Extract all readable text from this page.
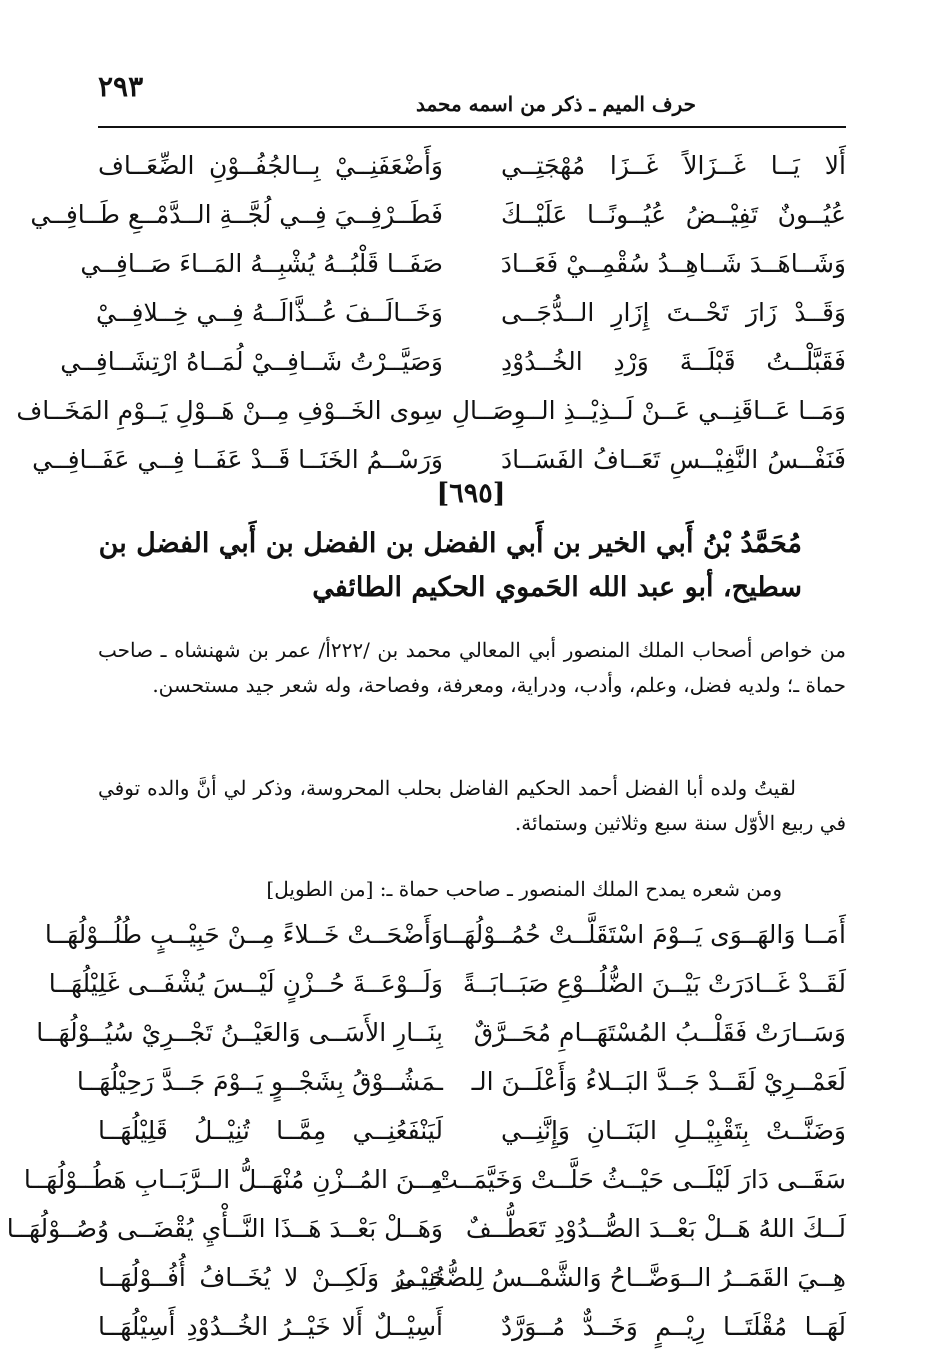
٢٩٣
حرف الميم ـ ذكر من اسمه محمد
أَلا يَــا غَــزَالاً غَــزَا مُهْجَتِــي
وَأَضْعَفَنِــيْ بِــالجُفُــوْنِ الضِّعَــاف
عُيُــونٌ تَفِيْــضُ عُيُــونًــا عَلَيْــكَ
فَطَــرْفِــيَ فِــي لُجَّــةِ الــدَّمْــعِ طَــافِــي
وَشَــاهَــدَ شَــاهِــدُ سُقْمِــيْ فَعَــادَ
صَفَــا قَلْبُــهُ يُشْبِــهُ المَــاءَ صَــافِــي
وَقَــدْ زَارَ تَحْــتَ إِزَارِ الــدُّجَــى
وَخَــالَــفَ عُــذَّالَــهُ فِــي خِــلافِــيْ
فَقَبَّلْــتُ قَبْلَــةَ وَرْدِ الخُــدُوْدِ
وَصَيَّــرْتُ شَــافِــيْ لُمَــاهُ ارْتِشَــافِــي
وَمَــا عَــاقَنِــي عَــنْ لَــذِيْــذِ الــوِصَــالِ
سِوى الخَــوْفِ مِــنْ هَــوْلِ يَــوْمِ المَخَــاف
فَنَفْــسُ النَّفِيْــسِ تَعَــافُ الفَسَــادَ
وَرَسْــمُ الخَنَــا قَــدْ عَفَــا فِــي عَفَــافِــي
[٦٩٥]
مُحَمَّدُ بْنُ أَبي الخير بن أَبي الفضل بن الفضل بن أَبي الفضل بن سطيح، أبو عبد الله الحَموي الحكيم الطائفي
من خواص أصحاب الملك المنصور أبي المعالي محمد بن /٢٢٢أ/ عمر بن شهنشاه ـ صاحب حماة ـ؛ ولديه فضل، وعلم، وأدب، ودراية، ومعرفة، وفصاحة، وله شعر جيد مستحسن.
لقيتُ ولده أبا الفضل أحمد الحكيم الفاضل بحلب المحروسة، وذكر لي أنَّ والده توفي في ربيع الأوّل سنة سبع وثلاثين وستمائة.
ومن شعره يمدح الملك المنصور ـ صاحب حماة ـ: [من الطويل]
أَمَــا وَالهَــوَى يَــوْمَ اسْتَقَلَّــتْ حُمُــوْلُهَــا
وَأَضْحَــتْ خَــلاءً مِــنْ حَبِيْــبٍ طُلُــوْلُهَــا
لَقَــدْ غَــادَرَتْ بَيْــنَ الضُّلُــوْعِ صَبَــابَــةً
وَلَــوْعَــةَ حُــزْنٍ لَيْــسَ يُشْفَــى غَلِيْلُهَــا
وَسَــارَتْ فَقَلْــبُ المُسْتَهَــامِ مُحَــرَّقٌ
بِنَــارِ الأَسَــى وَالعَيْــنُ تَجْــرِيْ سُيُــوْلُهَــا
لَعَمْــرِيْ لَقَــدْ جَــدَّ البَــلاءُ وَأَعْلَــنَ الـ
ـمَشُــوْقُ بِشَجْــوٍ يَــوْمَ جَــدَّ رَحِيْلُهَــا
وَضَنَّــتْ بِتَقْبِيْــلِ البَنَــانِ وَإِنَّنِــي
لَيَنْفَعُنِــي مِمَّــا تُنِيْــلُ قَلِيْلُهَــا
سَقَــى دَارَ لَيْلَــى حَيْــثُ حَلَّــتْ وَخَيَّمَــتْ
مِــنَ المُــزْنِ مُنْهَــلُّ الــرَّبَــابِ هَطُــوْلُهَــا
لَــكَ اللهُ هَــلْ بَعْــدَ الصُّــدُوْدِ تَعَطُّــفٌ
وَهَــلْ بَعْــدَ هَــذَا النَّــأْيِ يُقْضَــى وُصُــوْلُهَــا
هِــيَ القَمَــرُ الــوَضَّــاحُ وَالشَّمْــسُ لِلضُّحَــى
تُنِيْــرُ وَلَكِــنْ لا يُخَــافُ أُفُــوْلُهَــا
لَهَــا مُقْلَتَــا رِيْــمٍ وَخَــدٌّ مُــوَرَّدٌ
أَسِيْــلٌ أَلا خَيْــرُ الخُــدُوْدِ أَسِيْلُهَــا
